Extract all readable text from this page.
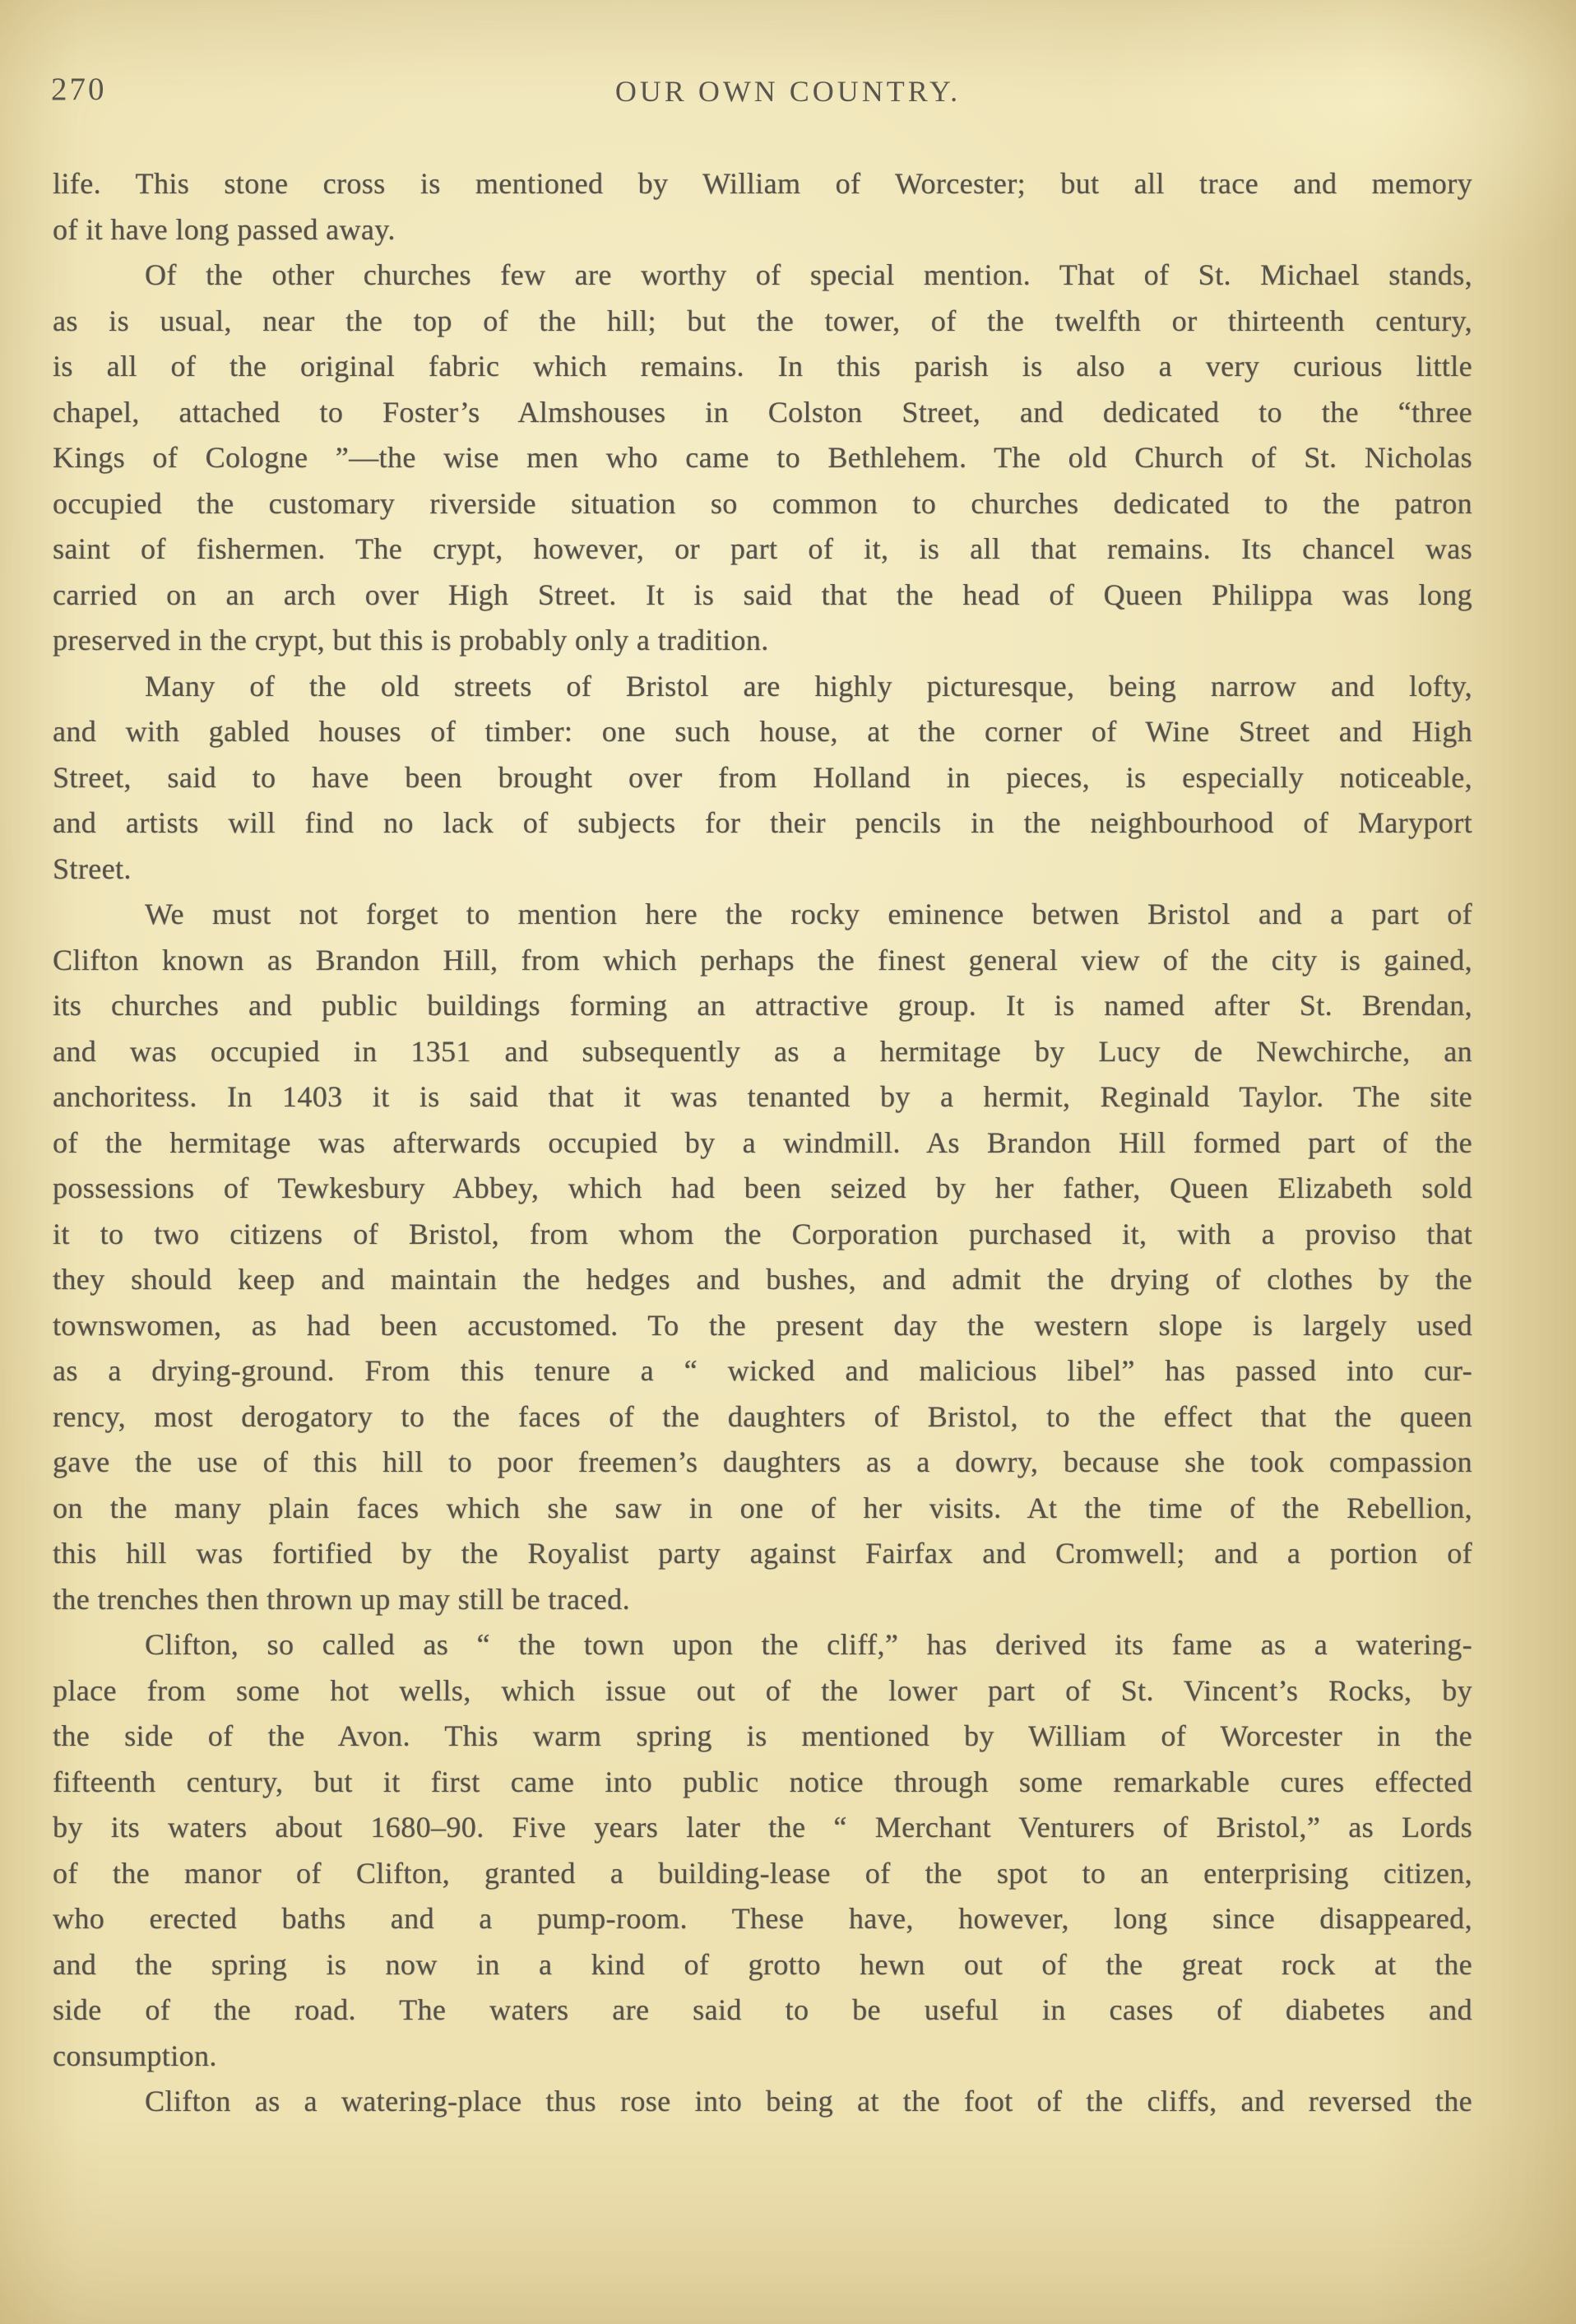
270	OUR OWN COUNTRY.
life. This stone cross is mentioned by William of Worcester; but all trace and memory
of it have long passed away.
Of the other churches few are worthy of special mention. That of St. Michael stands,
as is usual, near the top of the hill; but the tower, of the twelfth or thirteenth century,
is all of the original fabric which remains. In this parish is also a very curious little
chapel, attached to Foster’s Almshouses in Colston Street, and dedicated to the “three
Kings of Cologne ”—the wise men who came to Bethlehem. The old Church of St. Nicholas
occupied the customary riverside situation so common to churches dedicated to the patron
saint of fishermen. The crypt, however, or part of it, is all that remains. Its chancel was
carried on an arch over High Street. It is said that the head of Queen Philippa was long
preserved in the crypt, but this is probably only a tradition.
Many of the old streets of Bristol are highly picturesque, being narrow and lofty,
and with gabled houses of timber: one such house, at the corner of Wine Street and High
Street, said to have been brought over from Holland in pieces, is especially noticeable,
and artists will find no lack of subjects for their pencils in the neighbourhood of Maryport
Street.
We must not forget to mention here the rocky eminence betwen Bristol and a part of
Clifton known as Brandon Hill, from which perhaps the finest general view of the city is gained,
its churches and public buildings forming an attractive group. It is named after St. Brendan,
and was occupied in 1351 and subsequently as a hermitage by Lucy de Newchirche, an
anchoritess. In 1403 it is said that it was tenanted by a hermit, Reginald Taylor. The site
of the hermitage was afterwards occupied by a windmill. As Brandon Hill formed part of the
possessions of Tewkesbury Abbey, which had been seized by her father, Queen Elizabeth sold
it to two citizens of Bristol, from whom the Corporation purchased it, with a proviso that
they should keep and maintain the hedges and bushes, and admit the drying of clothes by the
townswomen, as had been accustomed. To the present day the western slope is largely used
as a drying-ground. From this tenure a “ wicked and malicious libel” has passed into cur-
rency, most derogatory to the faces of the daughters of Bristol, to the effect that the queen
gave the use of this hill to poor freemen’s daughters as a dowry, because she took compassion
on the many plain faces which she saw in one of her visits. At the time of the Rebellion,
this hill was fortified by the Royalist party against Fairfax and Cromwell; and a portion of
the trenches then thrown up may still be traced.
Clifton, so called as “ the town upon the cliff,” has derived its fame as a watering-
place from some hot wells, which issue out of the lower part of St. Vincent’s Rocks, by
the side of the Avon. This warm spring is mentioned by William of Worcester in the
fifteenth century, but it first came into public notice through some remarkable cures effected
by its waters about 1680–90. Five years later the “ Merchant Venturers of Bristol,” as Lords
of the manor of Clifton, granted a building-lease of the spot to an enterprising citizen,
who erected baths and a pump-room. These have, however, long since disappeared,
and the spring is now in a kind of grotto hewn out of the great rock at the
side of the road. The waters are said to be useful in cases of diabetes and
consumption.
Clifton as a watering-place thus rose into being at the foot of the cliffs, and reversed the
